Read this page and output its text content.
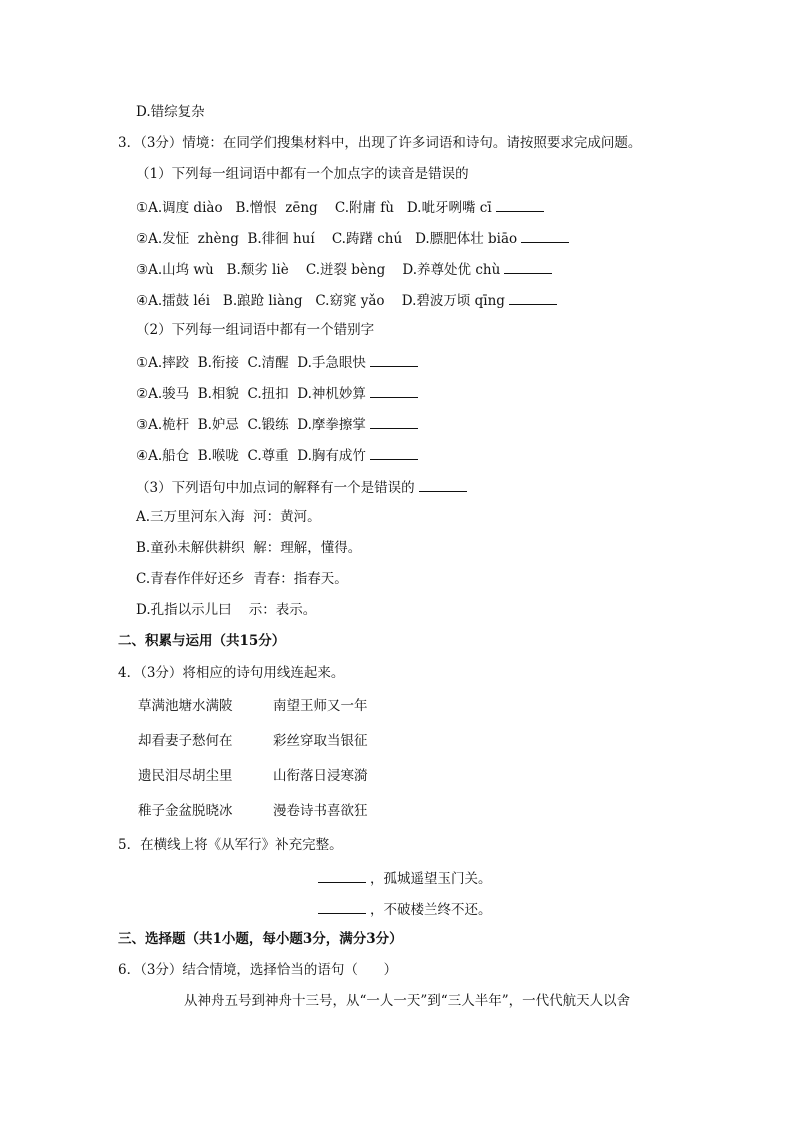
D.错综复杂
3．（3分）情境：在同学们搜集材料中，出现了许多词语和诗句。请按照要求完成问题。
（1）下列每一组词语中都有一个加点字的读音是错误的
①A.调度 diào   B.憎恨  zēng    C.附庸 fù   D.呲牙咧嘴 cī
②A.发怔  zhèng  B.徘徊 huí    C.踌躇 chú   D.膘肥体壮 biāo
③A.山坞 wù   B.颓劣 liè    C.迸裂 bèng    D.养尊处优 chù
④A.擂鼓 léi   B.踉跄 liàng   C.窈窕 yǎo    D.碧波万顷 qīng
（2）下列每一组词语中都有一个错别字
①A.摔跤  B.衔接  C.清醒  D.手急眼快
②A.骏马  B.相貌  C.扭扣  D.神机妙算
③A.桅杆  B.妒忌  C.锻练  D.摩拳擦掌
④A.船仓  B.喉咙  C.尊重  D.胸有成竹
（3）下列语句中加点词的解释有一个是错误的
A.三万里河东入海  河：黄河。
B.童孙未解供耕织  解：理解，懂得。
C.青春作伴好还乡  青春：指春天。
D.孔指以示儿曰    示：表示。
二、积累与运用（共15分）
4．（3分）将相应的诗句用线连起来。
草满池塘水满陂	南望王师又一年
却看妻子愁何在	彩丝穿取当银征
遗民泪尽胡尘里	山衔落日浸寒漪
稚子金盆脱晓冰	漫卷诗书喜欲狂
5．在横线上将《从军行》补充完整。
，孤城遥望玉门关。
，不破楼兰终不还。
三、选择题（共1小题，每小题3分，满分3分）
6．（3分）结合情境，选择恰当的语句（      ）
从神舟五号到神舟十三号，从“一人一天”到“三人半年”，一代代航天人以舍
